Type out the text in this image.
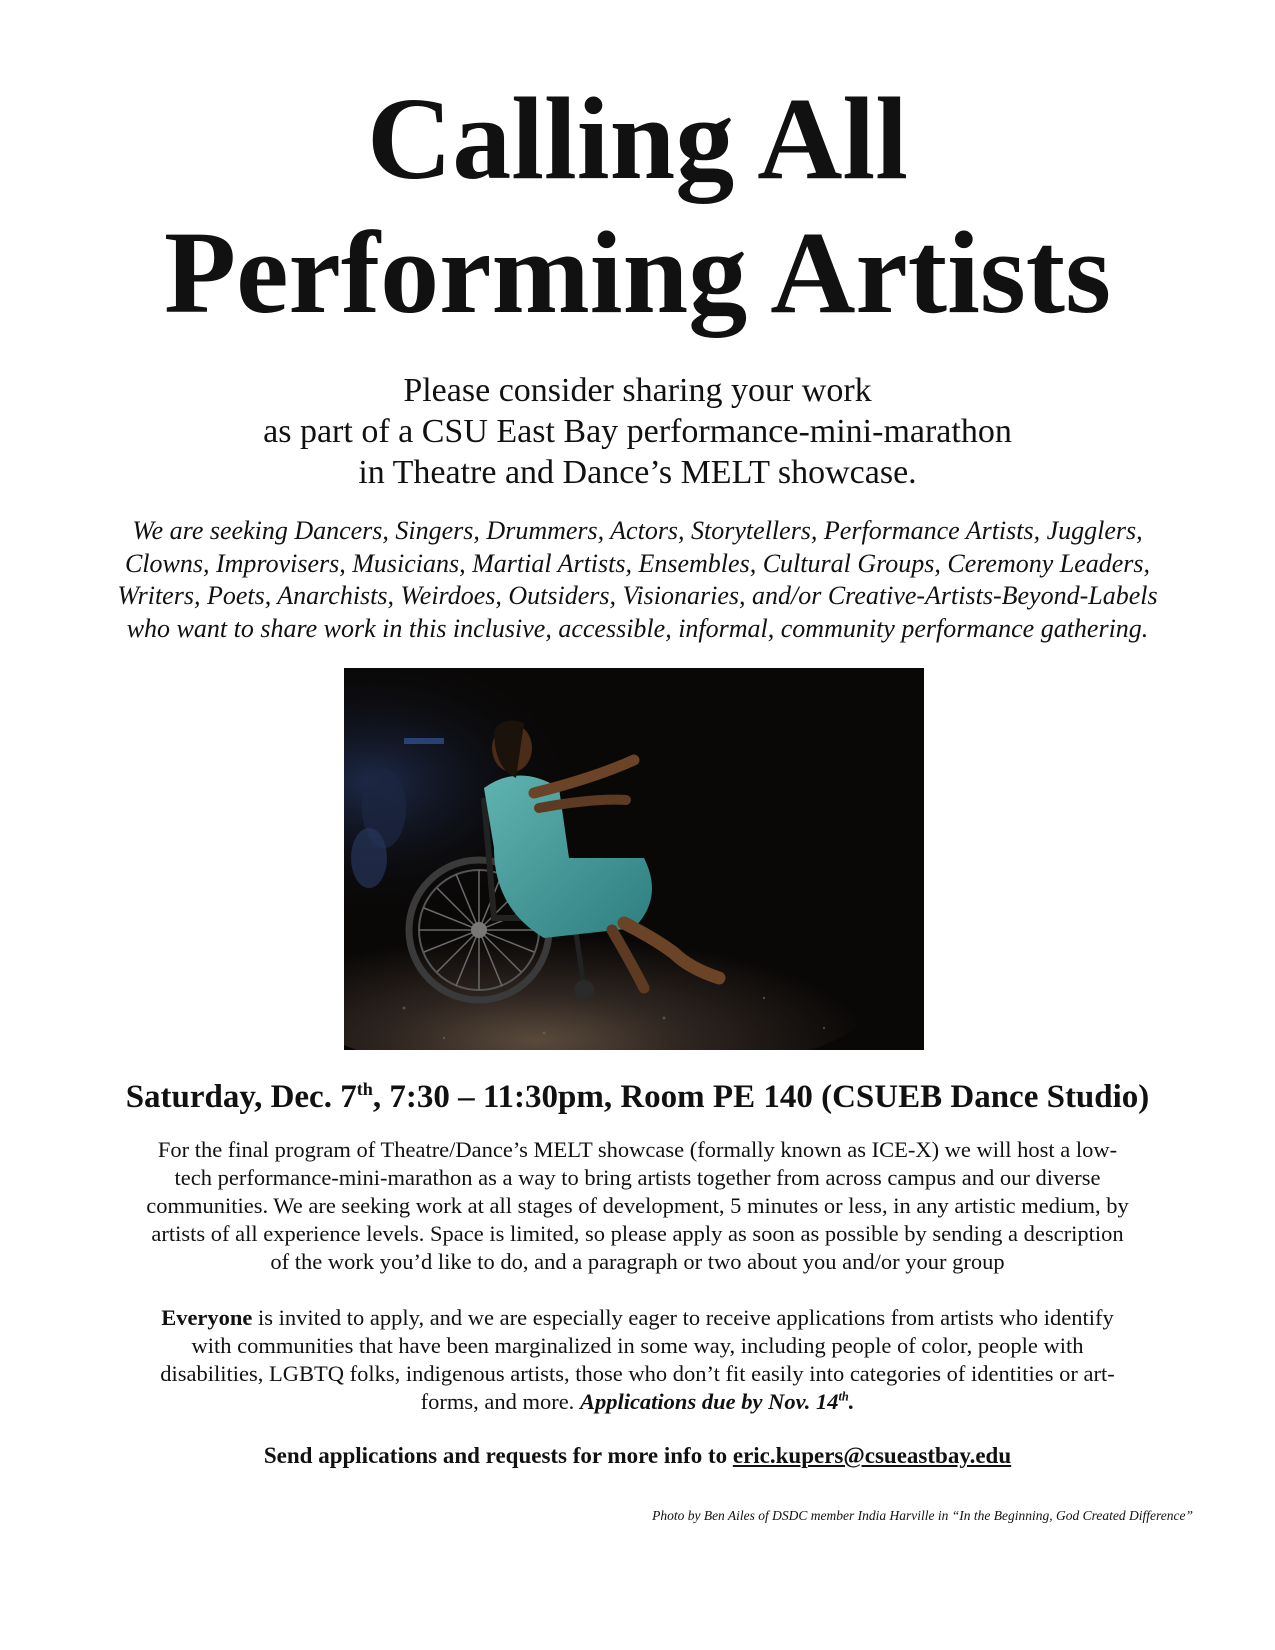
Calling All
Performing Artists

Please consider sharing your work
as part of a CSU East Bay performance-mini-marathon
in Theatre and Dance’s MELT showcase.

We are seeking Dancers, Singers, Drummers, Actors, Storytellers, Performance Artists, Jugglers,
Clowns, Improvisers, Musicians, Martial Artists, Ensembles, Cultural Groups, Ceremony Leaders,
Writers, Poets, Anarchists, Weirdoes, Outsiders, Visionaries, and/or Creative-Artists-Beyond-Labels
who want to share work in this inclusive, accessible, informal, community performance gathering.

Saturday, Dec. 7th, 7:30 – 11:30pm, Room PE 140 (CSUEB Dance Studio)

For the final program of Theatre/Dance’s MELT showcase (formally known as ICE-X) we will host a low-
tech performance-mini-marathon as a way to bring artists together from across campus and our diverse
communities. We are seeking work at all stages of development, 5 minutes or less, in any artistic medium, by
artists of all experience levels. Space is limited, so please apply as soon as possible by sending a description
of the work you’d like to do, and a paragraph or two about you and/or your group

Everyone is invited to apply, and we are especially eager to receive applications from artists who identify
with communities that have been marginalized in some way, including people of color, people with
disabilities, LGBTQ folks, indigenous artists, those who don’t fit easily into categories of identities or art-
forms, and more. Applications due by Nov. 14th.

Send applications and requests for more info to eric.kupers@csueastbay.edu

Photo by Ben Ailes of DSDC member India Harville in “In the Beginning, God Created Difference”
